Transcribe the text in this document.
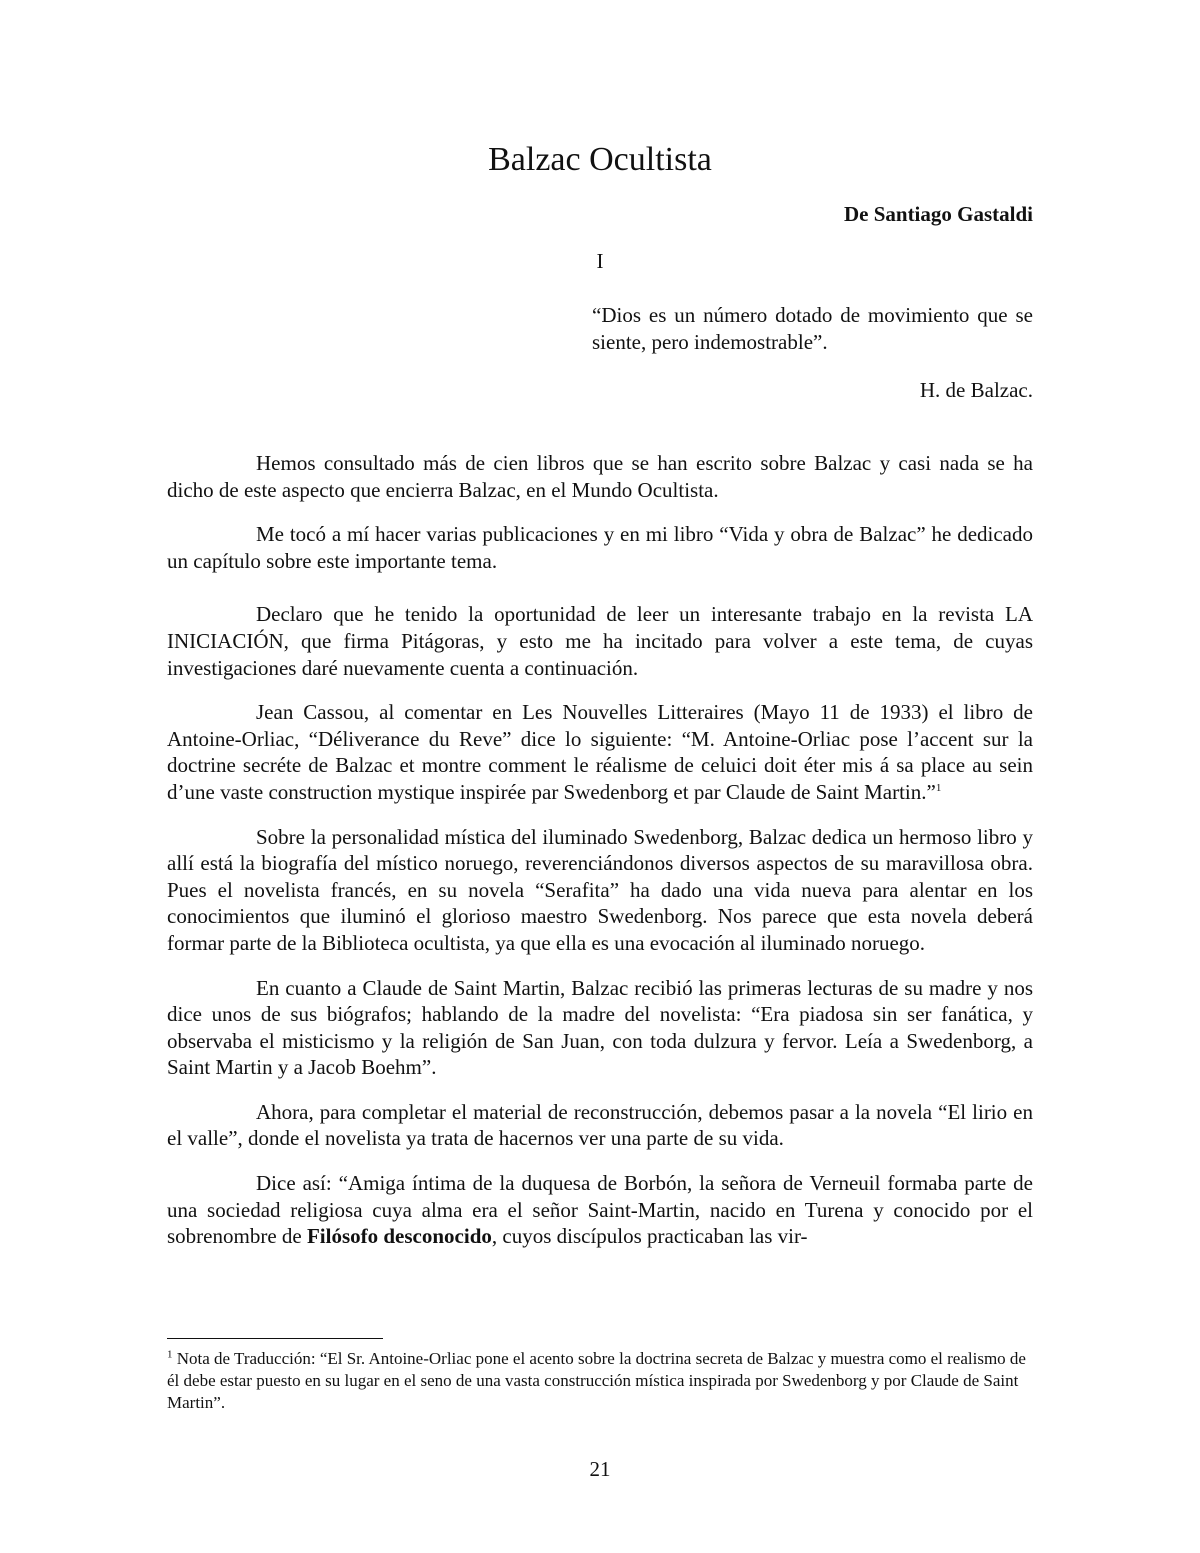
Balzac Ocultista
De Santiago Gastaldi
I
“Dios es un número dotado de movimiento que se siente, pero indemostrable”.
H. de Balzac.

Hemos consultado más de cien libros que se han escrito sobre Balzac y casi nada se ha dicho de este aspecto que encierra Balzac, en el Mundo Ocultista.

Me tocó a mí hacer varias publicaciones y en mi libro “Vida y obra de Balzac” he dedicado un capítulo sobre este importante tema.

Declaro que he tenido la oportunidad de leer un interesante trabajo en la revista LA INICIACIÓN, que firma Pitágoras, y esto me ha incitado para volver a este tema, de cuyas investigaciones daré nuevamente cuenta a continuación.

Jean Cassou, al comentar en Les Nouvelles Litteraires (Mayo 11 de 1933) el libro de Antoine-Orliac, “Déliverance du Reve” dice lo siguiente: “M. Antoine-Orliac pose l’accent sur la doctrine secréte de Balzac et montre comment le réalisme de celuici doit éter mis á sa place au sein d’une vaste construction mystique inspirée par Swedenborg et par Claude de Saint Martin.”$^1$

Sobre la personalidad mística del iluminado Swedenborg, Balzac dedica un hermoso libro y allí está la biografía del místico noruego, reverenciándonos diversos aspectos de su maravillosa obra. Pues el novelista francés, en su novela “Serafita” ha dado una vida nueva para alentar en los conocimientos que iluminó el glorioso maestro Swedenborg. Nos parece que esta novela deberá formar parte de la Biblioteca ocultista, ya que ella es una evocación al iluminado noruego.

En cuanto a Claude de Saint Martin, Balzac recibió las primeras lecturas de su madre y nos dice unos de sus biógrafos; hablando de la madre del novelista: “Era piadosa sin ser fanática, y observaba el misticismo y la religión de San Juan, con toda dulzura y fervor. Leía a Swedenborg, a Saint Martin y a Jacob Boehm”.

Ahora, para completar el material de reconstrucción, debemos pasar a la novela “El lirio en el valle”, donde el novelista ya trata de hacernos ver una parte de su vida.

Dice así: “Amiga íntima de la duquesa de Borbón, la señora de Verneuil formaba parte de una sociedad religiosa cuya alma era el señor Saint-Martin, nacido en Turena y conocido por el sobrenombre de Filósofo desconocido, cuyos discípulos practicaban las vir-

$^1$ Nota de Traducción: “El Sr. Antoine-Orliac pone el acento sobre la doctrina secreta de Balzac y muestra como el realismo de él debe estar puesto en su lugar en el seno de una vasta construcción mística inspirada por Swedenborg y por Claude de Saint Martin”.

21
